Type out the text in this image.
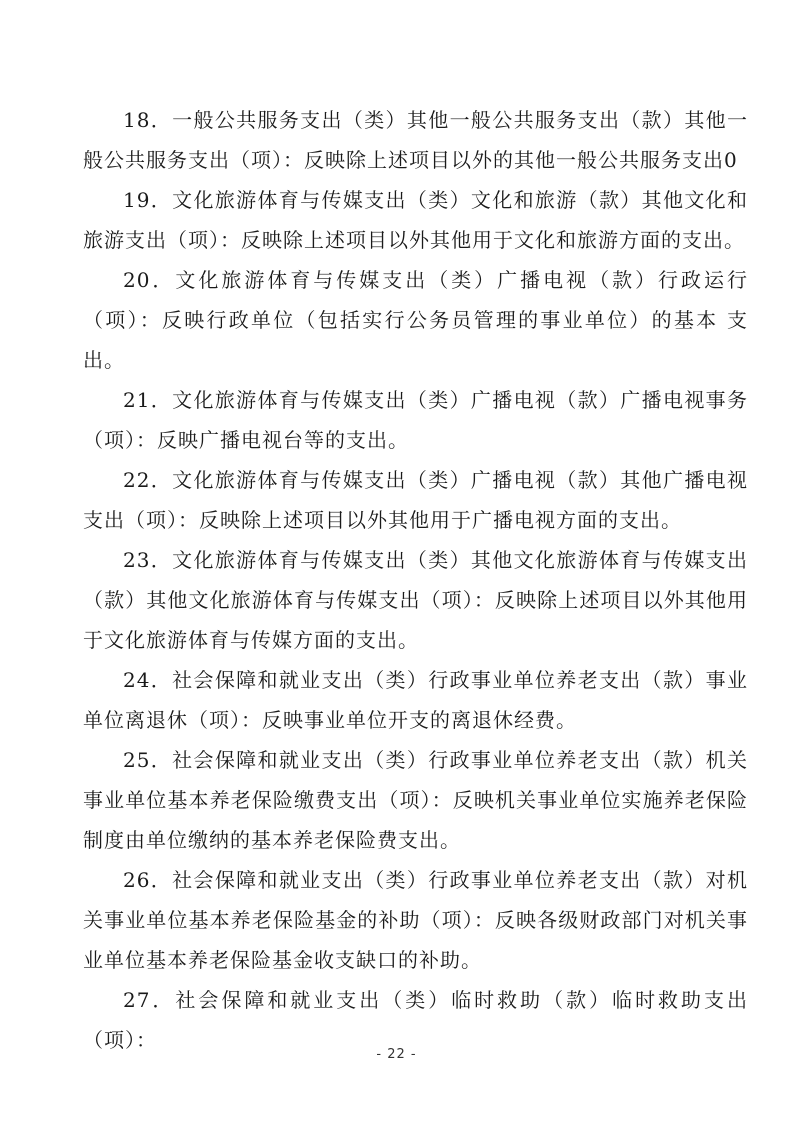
18．一般公共服务支出（类）其他一般公共服务支出（款）其他一般公共服务支出（项）：反映除上述项目以外的其他一般公共服务支出0

19．文化旅游体育与传媒支出（类）文化和旅游（款）其他文化和旅游支出（项）：反映除上述项目以外其他用于文化和旅游方面的支出。

20．文化旅游体育与传媒支出（类）广播电视（款）行政运行（项）：反映行政单位（包括实行公务员管理的事业单位）的基本 支出。

21．文化旅游体育与传媒支出（类）广播电视（款）广播电视事务（项）：反映广播电视台等的支出。

22．文化旅游体育与传媒支出（类）广播电视（款）其他广播电视支出（项）：反映除上述项目以外其他用于广播电视方面的支出。

23．文化旅游体育与传媒支出（类）其他文化旅游体育与传媒支出（款）其他文化旅游体育与传媒支出（项）：反映除上述项目以外其他用于文化旅游体育与传媒方面的支出。

24．社会保障和就业支出（类）行政事业单位养老支出（款）事业单位离退休（项）：反映事业单位开支的离退休经费。

25．社会保障和就业支出（类）行政事业单位养老支出（款）机关事业单位基本养老保险缴费支出（项）：反映机关事业单位实施养老保险制度由单位缴纳的基本养老保险费支出。

26．社会保障和就业支出（类）行政事业单位养老支出（款）对机关事业单位基本养老保险基金的补助（项）：反映各级财政部门对机关事业单位基本养老保险基金收支缺口的补助。

27．社会保障和就业支出（类）临时救助（款）临时救助支出（项）：

- 22 -
